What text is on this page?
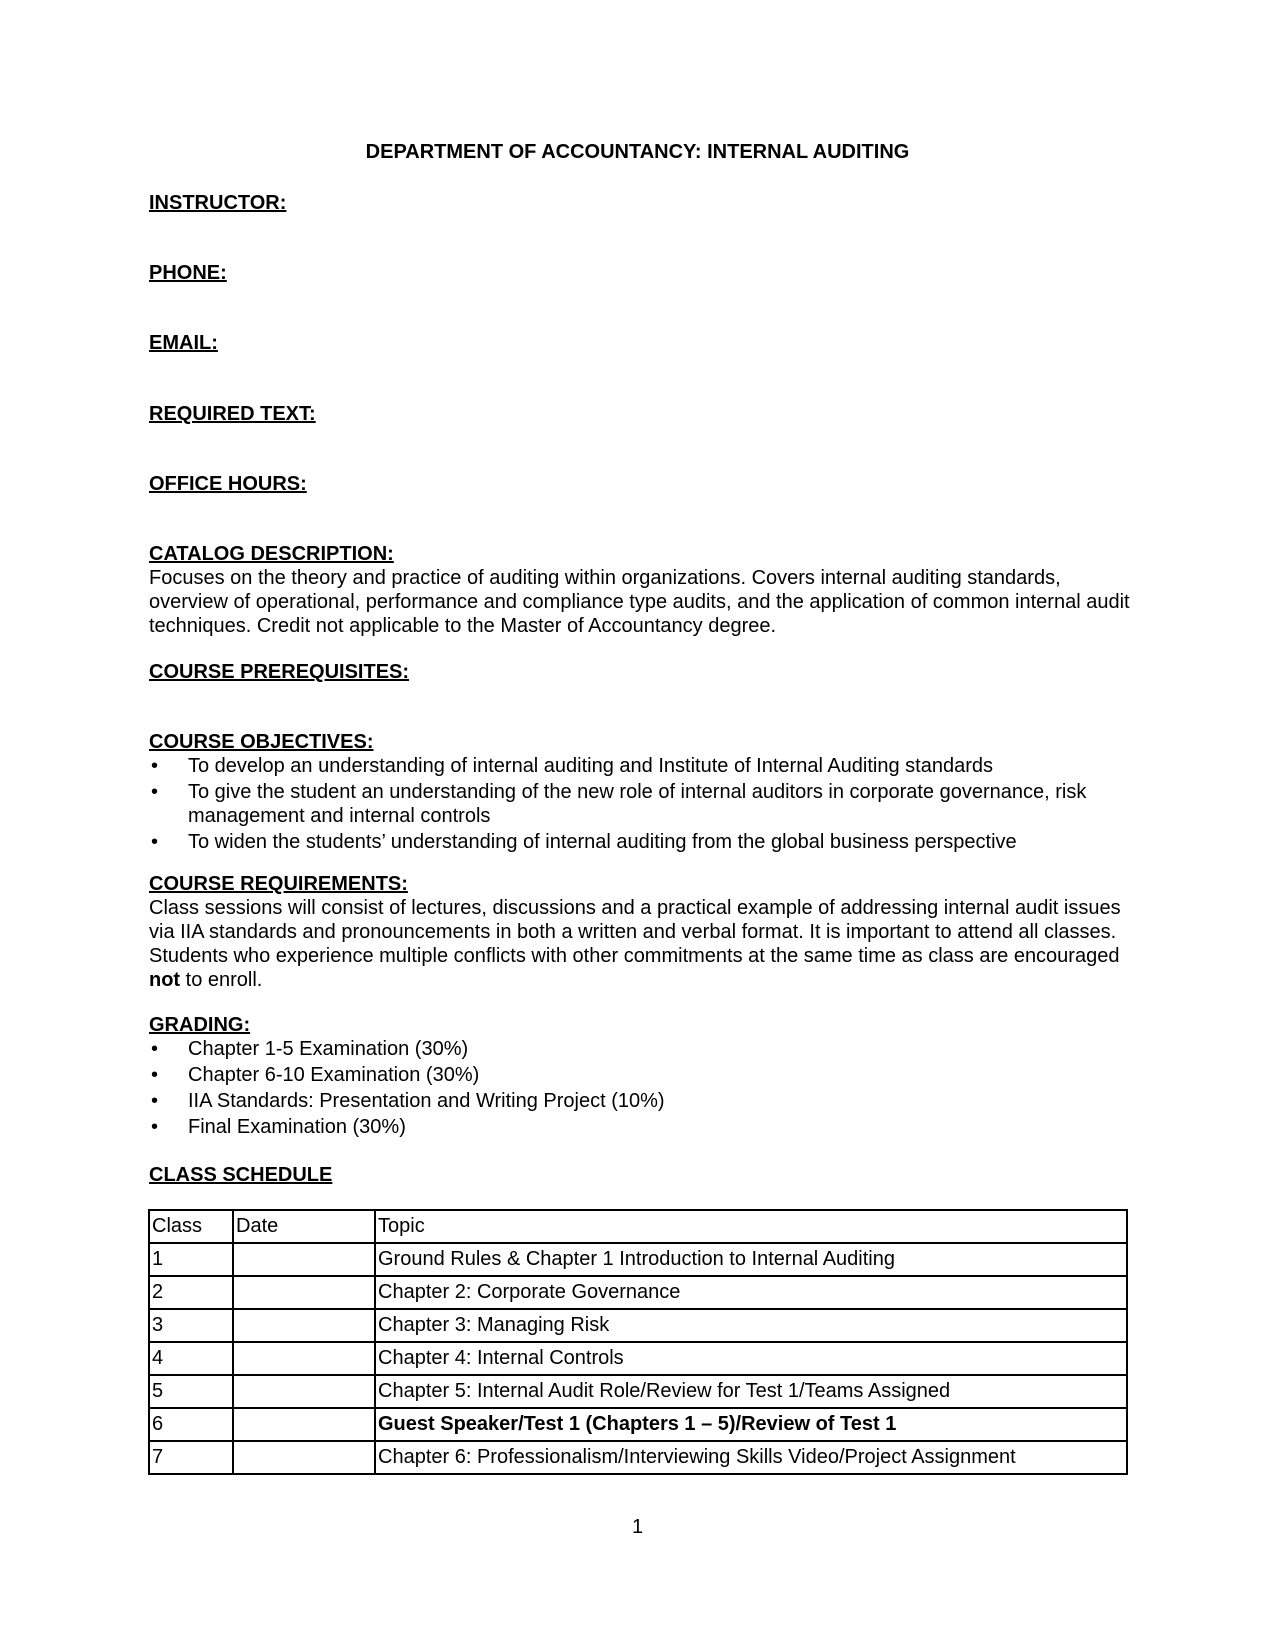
DEPARTMENT OF ACCOUNTANCY: INTERNAL AUDITING
INSTRUCTOR:
PHONE:
EMAIL:
REQUIRED TEXT:
OFFICE HOURS:
CATALOG DESCRIPTION:
Focuses on the theory and practice of auditing within organizations. Covers internal auditing standards, overview of operational, performance and compliance type audits, and the application of common internal audit techniques. Credit not applicable to the Master of Accountancy degree.
COURSE PREREQUISITES:
COURSE OBJECTIVES:
• To develop an understanding of internal auditing and Institute of Internal Auditing standards
• To give the student an understanding of the new role of internal auditors in corporate governance, risk management and internal controls
• To widen the students’ understanding of internal auditing from the global business perspective
COURSE REQUIREMENTS:
Class sessions will consist of lectures, discussions and a practical example of addressing internal audit issues via IIA standards and pronouncements in both a written and verbal format. It is important to attend all classes. Students who experience multiple conflicts with other commitments at the same time as class are encouraged not to enroll.
GRADING:
• Chapter 1-5 Examination (30%)
• Chapter 6-10 Examination (30%)
• IIA Standards: Presentation and Writing Project (10%)
• Final Examination (30%)
CLASS SCHEDULE
Class	Date	Topic
1		Ground Rules & Chapter 1 Introduction to Internal Auditing
2		Chapter 2: Corporate Governance
3		Chapter 3: Managing Risk
4		Chapter 4: Internal Controls
5		Chapter 5: Internal Audit Role/Review for Test 1/Teams Assigned
6		Guest Speaker/Test 1 (Chapters 1 – 5)/Review of Test 1
7		Chapter 6: Professionalism/Interviewing Skills Video/Project Assignment
1
